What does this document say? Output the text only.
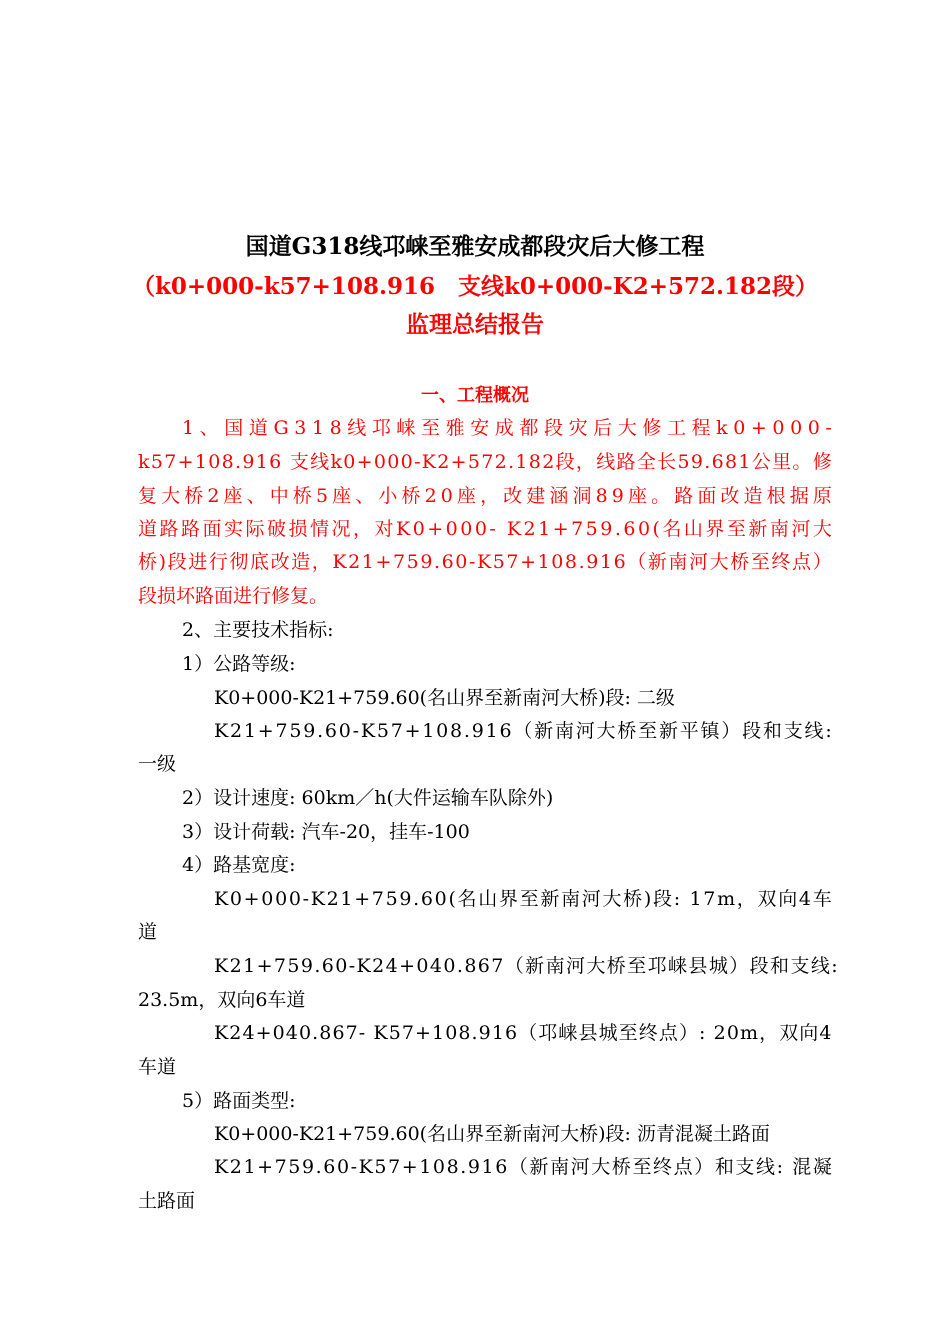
国道G318线邛崃至雅安成都段灾后大修工程
（k0+000-k57+108.916　支线k0+000-K2+572.182段）
监理总结报告
一、工程概况
1 、 国 道 G 3 1 8 线 邛 崃 至 雅 安 成 都 段 灾 后 大 修 工 程 k 0 + 0 0 0 -
k 5 7 + 1 0 8 . 9 1 6
支 线 k 0 + 0 0 0 - K 2 + 5 7 2 . 1 8 2 段 ， 线 路 全 长 5 9 . 6 8 1 公 里 。 修
复 大 桥 2 座 、 中 桥 5 座 、 小 桥 2 0 座 ， 改 建 涵 洞 8 9 座 。 路 面 改 造 根 据 原
道 路 路 面 实 际 破 损 情 况 ， 对 K 0 + 0 0 0 -
K 2 1 + 7 5 9 . 6 0 ( 名 山 界 至 新 南 河 大
桥 ) 段 进 行 彻 底 改 造 ， K 2 1 + 7 5 9 . 6 0 - K 5 7 + 1 0 8 . 9 1 6 （ 新 南 河 大 桥 至 终 点 ）
段损坏路面进行修复。
2、主要技术指标:
1）公路等级:
K0+000-K21+759.60(名山界至新南河大桥)段: 二级
K 2 1 + 7 5 9 . 6 0 - K 5 7 + 1 0 8 . 9 1 6 （ 新 南 河 大 桥 至 新 平 镇 ） 段 和 支 线 :
一级
2）设计速度: 60km／h(大件运输车队除外)
3）设计荷载: 汽车-20，挂车-100
4）路基宽度:
K 0 + 0 0 0 - K 2 1 + 7 5 9 . 6 0 ( 名 山 界 至 新 南 河 大 桥 ) 段 :
1 7 m ， 双 向 4 车
道
K 2 1 + 7 5 9 . 6 0 - K 2 4 + 0 4 0 . 8 6 7 （ 新 南 河 大 桥 至 邛 崃 县 城 ） 段 和 支 线 :
23.5m，双向6车道
K 2 4 + 0 4 0 . 8 6 7 -
K 5 7 + 1 0 8 . 9 1 6 （ 邛 崃 县 城 至 终 点 ） :
2 0 m ， 双 向 4
车道
5）路面类型:
K0+000-K21+759.60(名山界至新南河大桥)段: 沥青混凝土路面
K 2 1 + 7 5 9 . 6 0 - K 5 7 + 1 0 8 . 9 1 6 （ 新 南 河 大 桥 至 终 点 ） 和 支 线 :
混 凝
土路面
